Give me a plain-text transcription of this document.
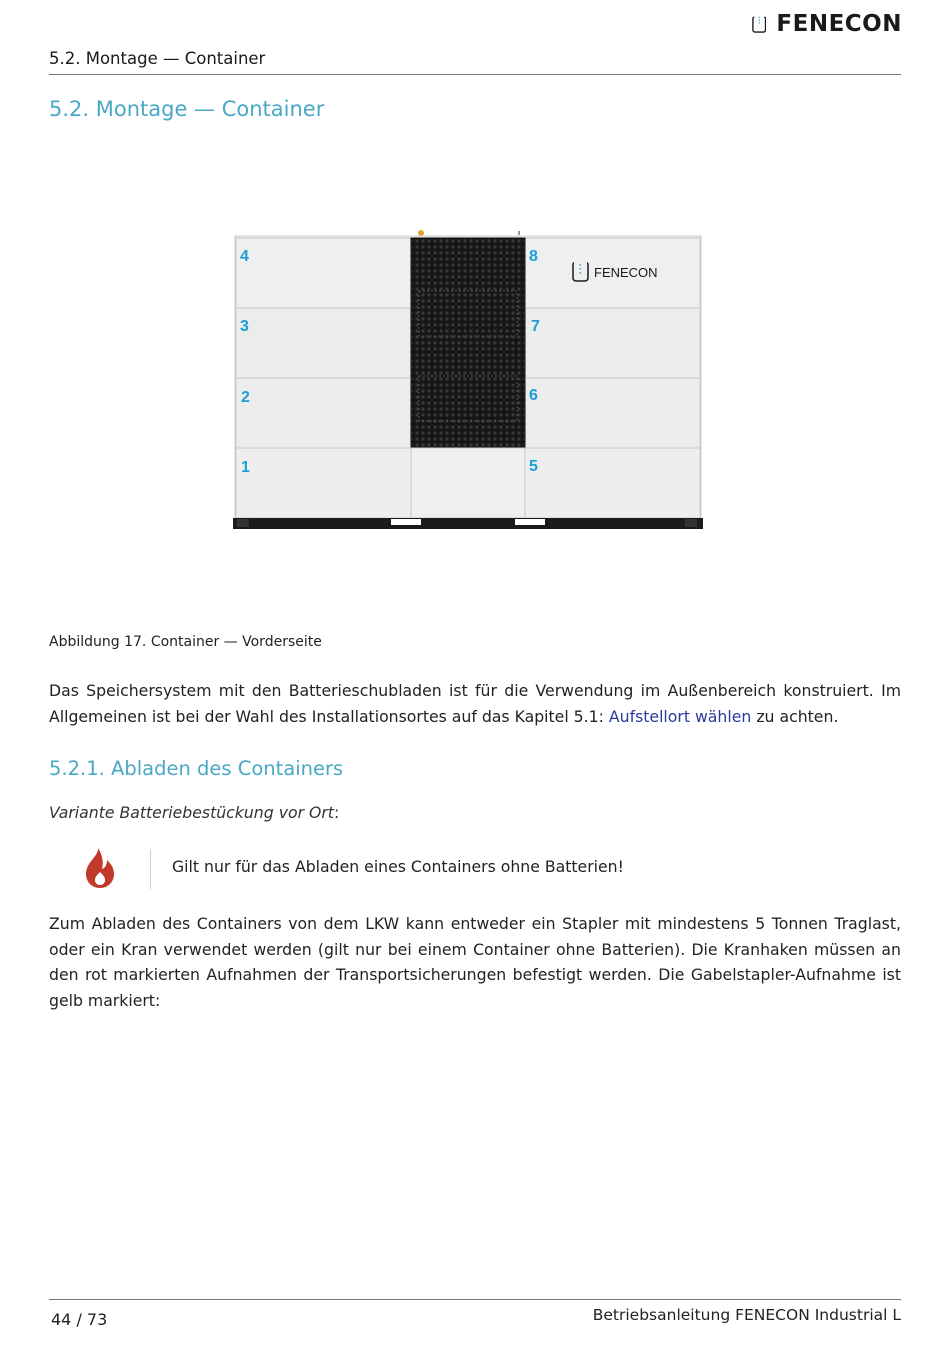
FENECON
5.2. Montage — Container
5.2. Montage — Container
4
3
2
1
8
7
6
5
FENECON
Abbildung 17. Container — Vorderseite
Das Speichersystem mit den Batterieschubladen ist für die Verwendung im Außenbereich konstruiert. Im Allgemeinen ist bei der Wahl des Installationsortes auf das Kapitel 5.1: Aufstellort wählen zu achten.
5.2.1. Abladen des Containers
Variante Batteriebestückung vor Ort:
Gilt nur für das Abladen eines Containers ohne Batterien!
Zum Abladen des Containers von dem LKW kann entweder ein Stapler mit mindestens 5 Tonnen Traglast, oder ein Kran verwendet werden (gilt nur bei einem Container ohne Batterien). Die Kranhaken müssen an den rot markierten Aufnahmen der Transportsicherungen befestigt werden. Die Gabelstapler-Aufnahme ist gelb markiert:
44 / 73	Betriebsanleitung FENECON Industrial L
